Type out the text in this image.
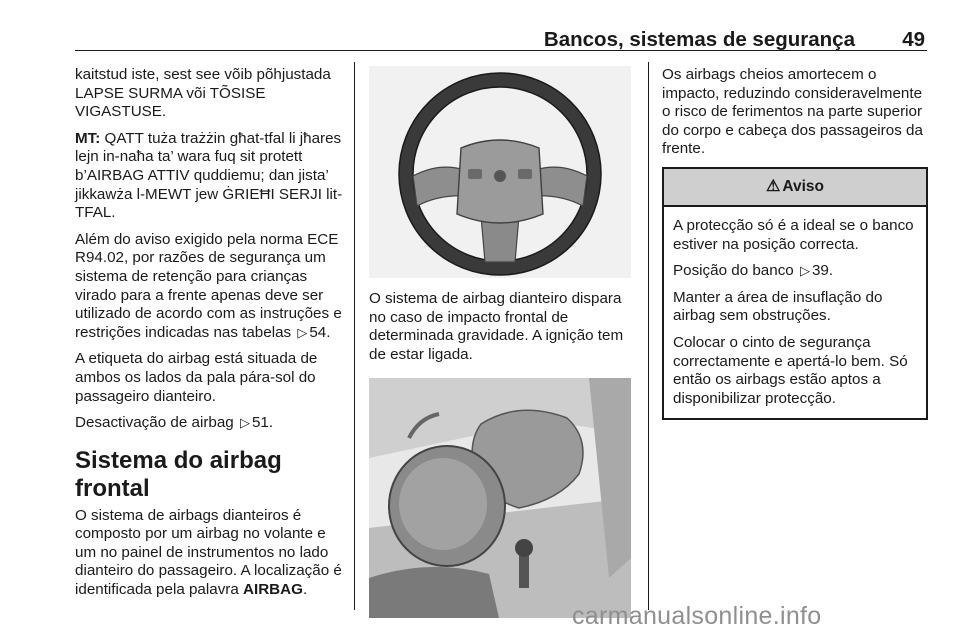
Bancos, sistemas de segurança 49

kaitstud iste, sest see võib põhjustada LAPSE SURMA või TÕSISE VIGASTUSE.

MT: QATT tuża trażżin għat-tfal li jħares lejn in-naħa ta’ wara fuq sit protett b’AIRBAG ATTIV quddiemu; dan jista’ jikkawża l-MEWT jew ĠRIEĦI SERJI lit-TFAL.

Além do aviso exigido pela norma ECE R94.02, por razões de segurança um sistema de retenção para crianças virado para a frente apenas deve ser utilizado de acordo com as instruções e restrições indicadas nas tabelas ▷ 54.

A etiqueta do airbag está situada de ambos os lados da pala pára-sol do passageiro dianteiro.

Desactivação de airbag ▷ 51.

Sistema do airbag frontal

O sistema de airbags dianteiros é composto por um airbag no volante e um no painel de instrumentos no lado dianteiro do passageiro. A localização é identificada pela palavra AIRBAG.

O sistema de airbag dianteiro dispara no caso de impacto frontal de determinada gravidade. A ignição tem de estar ligada.

Os airbags cheios amortecem o impacto, reduzindo consideravelmente o risco de ferimentos na parte superior do corpo e cabeça dos passageiros da frente.

⚠ Aviso

A protecção só é a ideal se o banco estiver na posição correcta.

Posição do banco ▷ 39.

Manter a área de insuflação do airbag sem obstruções.

Colocar o cinto de segurança correctamente e apertá-lo bem. Só então os airbags estão aptos a disponibilizar protecção.

carmanualsonline.info
